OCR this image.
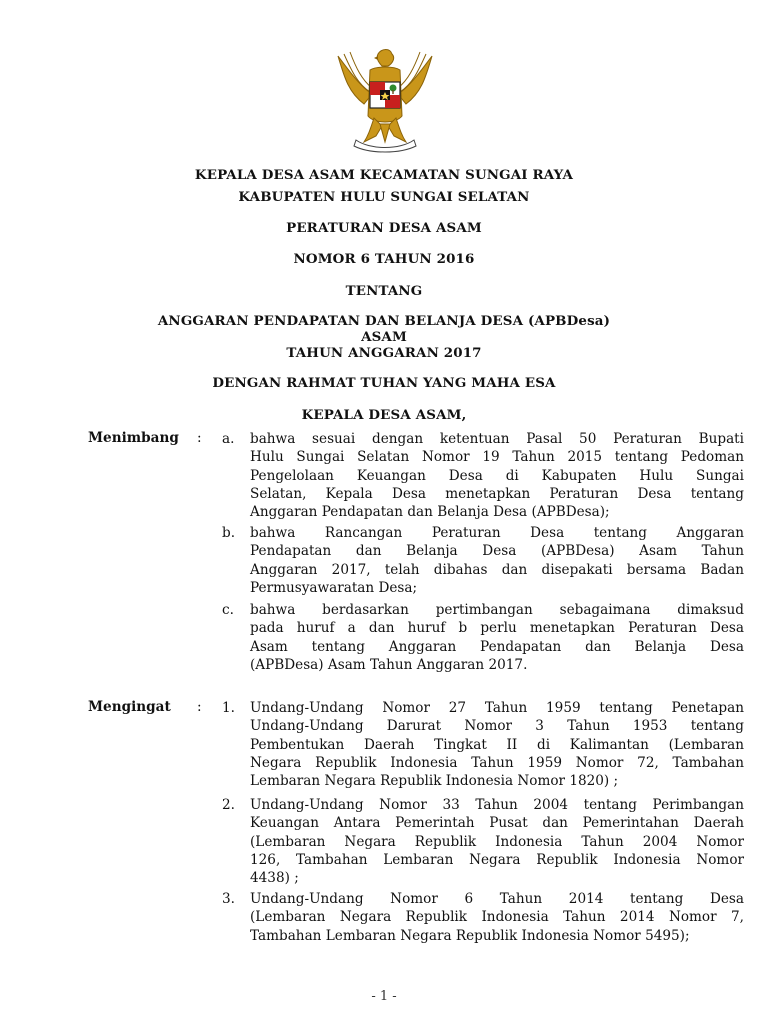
KEPALA DESA ASAM KECAMATAN SUNGAI RAYA
KABUPATEN HULU SUNGAI SELATAN
PERATURAN DESA ASAM
NOMOR 6 TAHUN 2016
TENTANG
ANGGARAN PENDAPATAN DAN BELANJA DESA (APBDesa)
ASAM
TAHUN ANGGARAN 2017
DENGAN RAHMAT TUHAN YANG MAHA ESA
KEPALA DESA ASAM,
Menimbang : a. bahwa sesuai dengan ketentuan Pasal 50 Peraturan Bupati
Hulu Sungai Selatan Nomor 19 Tahun 2015 tentang Pedoman
Pengelolaan Keuangan Desa di Kabupaten Hulu Sungai
Selatan, Kepala Desa menetapkan Peraturan Desa tentang
Anggaran Pendapatan dan Belanja Desa (APBDesa);
b. bahwa Rancangan Peraturan Desa tentang Anggaran
Pendapatan dan Belanja Desa (APBDesa) Asam Tahun
Anggaran 2017, telah dibahas dan disepakati bersama Badan
Permusyawaratan Desa;
c. bahwa berdasarkan pertimbangan sebagaimana dimaksud
pada huruf a dan huruf b perlu menetapkan Peraturan Desa
Asam tentang Anggaran Pendapatan dan Belanja Desa
(APBDesa) Asam Tahun Anggaran 2017.
Mengingat : 1. Undang-Undang Nomor 27 Tahun 1959 tentang Penetapan
Undang-Undang Darurat Nomor 3 Tahun 1953 tentang
Pembentukan Daerah Tingkat II di Kalimantan (Lembaran
Negara Republik Indonesia Tahun 1959 Nomor 72, Tambahan
Lembaran Negara Republik Indonesia Nomor 1820) ;
2. Undang-Undang Nomor 33 Tahun 2004 tentang Perimbangan
Keuangan Antara Pemerintah Pusat dan Pemerintahan Daerah
(Lembaran Negara Republik Indonesia Tahun 2004 Nomor
126, Tambahan Lembaran Negara Republik Indonesia Nomor
4438) ;
3. Undang-Undang Nomor 6 Tahun 2014 tentang Desa
(Lembaran Negara Republik Indonesia Tahun 2014 Nomor 7,
Tambahan Lembaran Negara Republik Indonesia Nomor 5495);
- 1 -
